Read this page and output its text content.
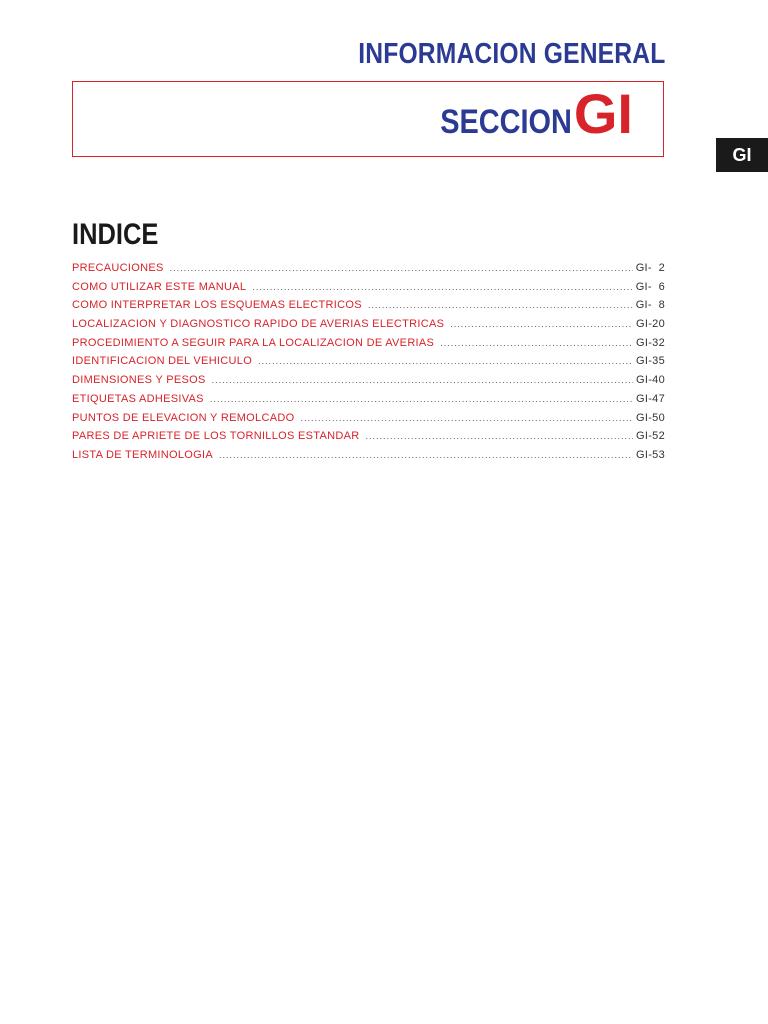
INFORMACION GENERAL
SECCION GI
GI
INDICE
PRECAUCIONES .....	GI-  2
COMO UTILIZAR ESTE MANUAL .....	GI-  6
COMO INTERPRETAR LOS ESQUEMAS ELECTRICOS .....	GI-  8
LOCALIZACION Y DIAGNOSTICO RAPIDO DE AVERIAS ELECTRICAS .....	GI-20
PROCEDIMIENTO A SEGUIR PARA LA LOCALIZACION DE AVERIAS .....	GI-32
IDENTIFICACION DEL VEHICULO .....	GI-35
DIMENSIONES Y PESOS .....	GI-40
ETIQUETAS ADHESIVAS .....	GI-47
PUNTOS DE ELEVACION Y REMOLCADO .....	GI-50
PARES DE APRIETE DE LOS TORNILLOS ESTANDAR .....	GI-52
LISTA DE TERMINOLOGIA .....	GI-53
